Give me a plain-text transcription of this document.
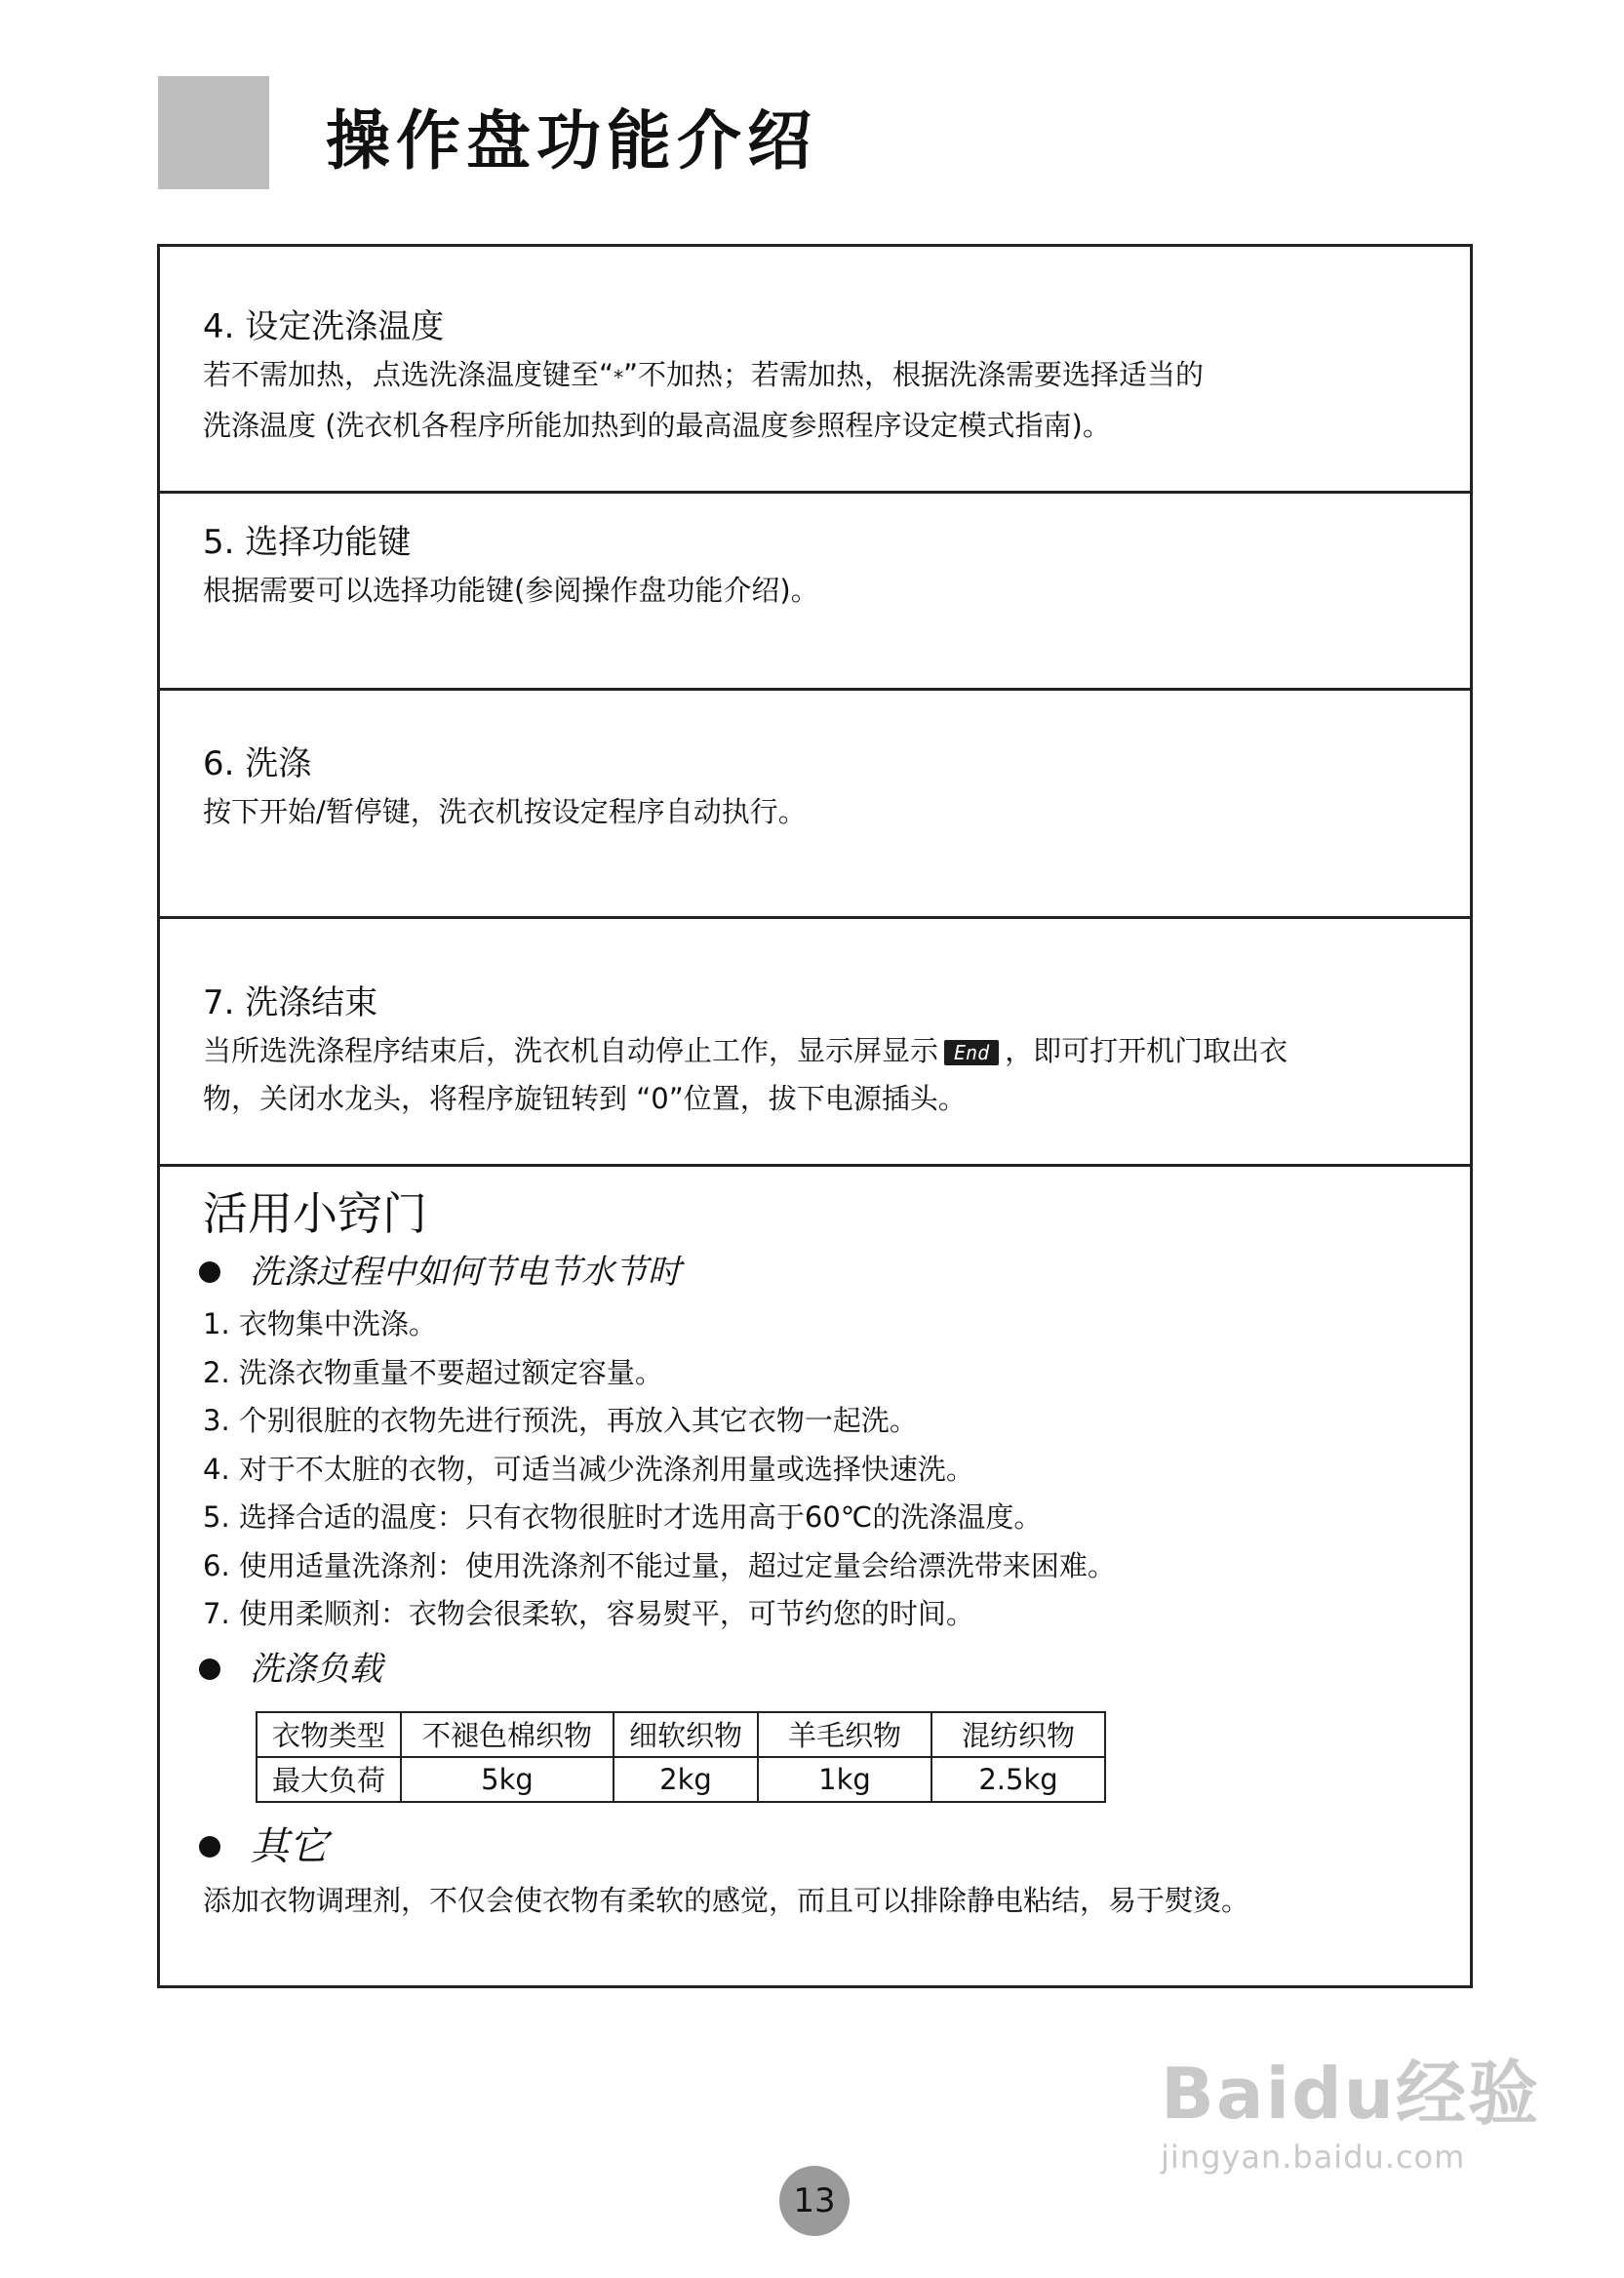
操作盘功能介绍
4. 设定洗涤温度
若不需加热，点选洗涤温度键至“*”不加热；若需加热，根据洗涤需要选择适当的
洗涤温度 (洗衣机各程序所能加热到的最高温度参照程序设定模式指南)。
5. 选择功能键
根据需要可以选择功能键(参阅操作盘功能介绍)。
6. 洗涤
按下开始/暂停键，洗衣机按设定程序自动执行。
7. 洗涤结束
当所选洗涤程序结束后，洗衣机自动停止工作，显示屏显示 End ，即可打开机门取出衣
物，关闭水龙头，将程序旋钮转到 “0”位置，拔下电源插头。
活用小窍门
洗涤过程中如何节电节水节时
1. 衣物集中洗涤。
2. 洗涤衣物重量不要超过额定容量。
3. 个别很脏的衣物先进行预洗，再放入其它衣物一起洗。
4. 对于不太脏的衣物，可适当减少洗涤剂用量或选择快速洗。
5. 选择合适的温度：只有衣物很脏时才选用高于60℃的洗涤温度。
6. 使用适量洗涤剂：使用洗涤剂不能过量，超过定量会给漂洗带来困难。
7. 使用柔顺剂：衣物会很柔软，容易熨平，可节约您的时间。
洗涤负载
衣物类型	不褪色棉织物	细软织物	羊毛织物	混纺织物
最大负荷	5kg	2kg	1kg	2.5kg
其它
添加衣物调理剂，不仅会使衣物有柔软的感觉，而且可以排除静电粘结，易于熨烫。
13
Baidu经验
jingyan.baidu.com
